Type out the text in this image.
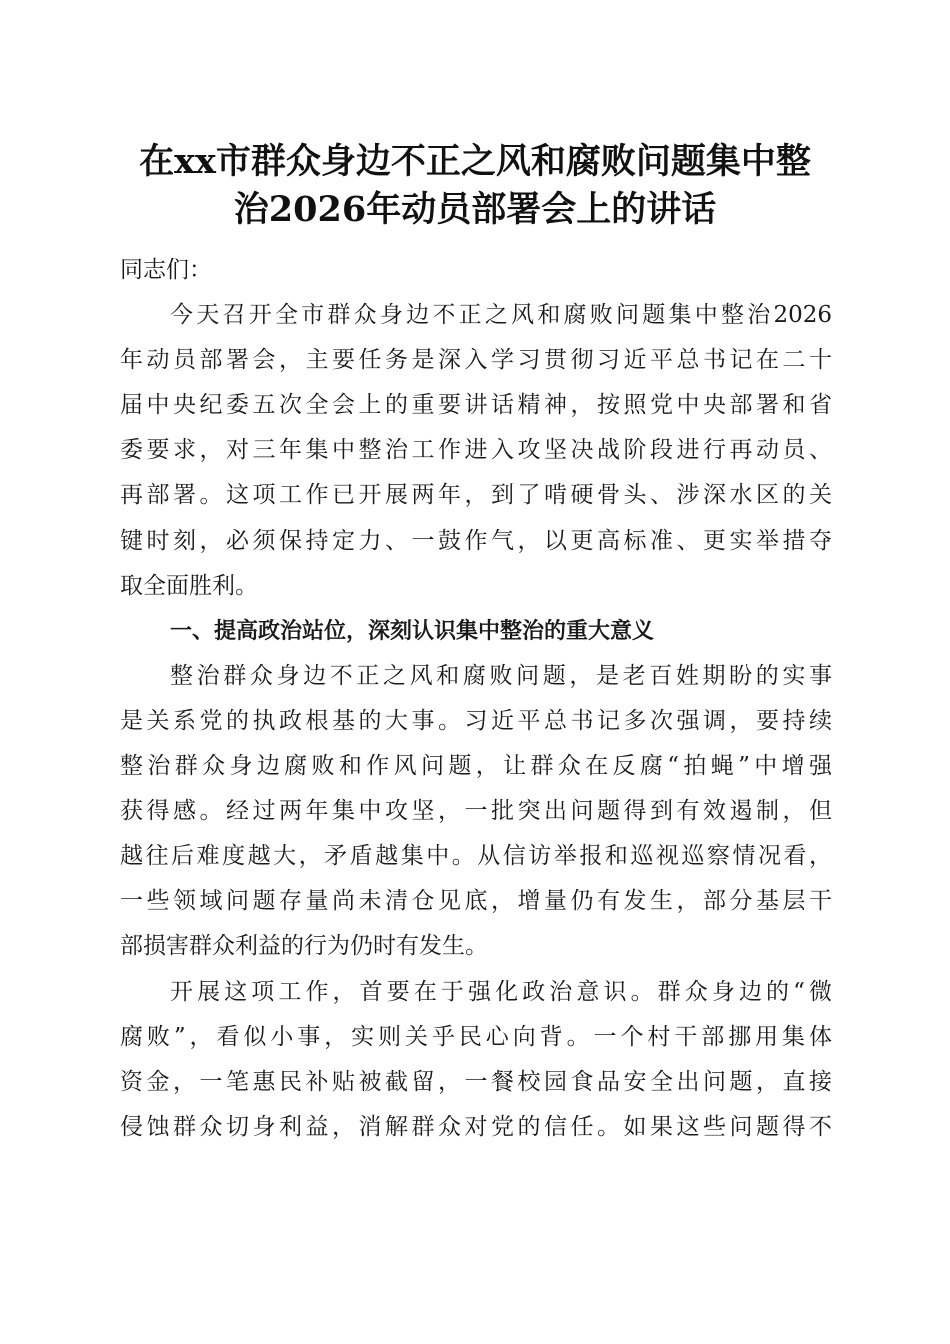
在xx市群众身边不正之风和腐败问题集中整
治2026年动员部署会上的讲话
同志们：
今天召开全市群众身边不正之风和腐败问题集中整治2026
年动员部署会，主要任务是深入学习贯彻习近平总书记在二十
届中央纪委五次全会上的重要讲话精神，按照党中央部署和省
委要求，对三年集中整治工作进入攻坚决战阶段进行再动员、
再部署。这项工作已开展两年，到了啃硬骨头、涉深水区的关
键时刻，必须保持定力、一鼓作气，以更高标准、更实举措夺
取全面胜利。
一、提高政治站位，深刻认识集中整治的重大意义
整治群众身边不正之风和腐败问题，是老百姓期盼的实事
是关系党的执政根基的大事。习近平总书记多次强调，要持续
整治群众身边腐败和作风问题，让群众在反腐“拍蝇”中增强
获得感。经过两年集中攻坚，一批突出问题得到有效遏制，但
越往后难度越大，矛盾越集中。从信访举报和巡视巡察情况看，
一些领域问题存量尚未清仓见底，增量仍有发生，部分基层干
部损害群众利益的行为仍时有发生。
开展这项工作，首要在于强化政治意识。群众身边的“微
腐败”，看似小事，实则关乎民心向背。一个村干部挪用集体
资金，一笔惠民补贴被截留，一餐校园食品安全出问题，直接
侵蚀群众切身利益，消解群众对党的信任。如果这些问题得不
